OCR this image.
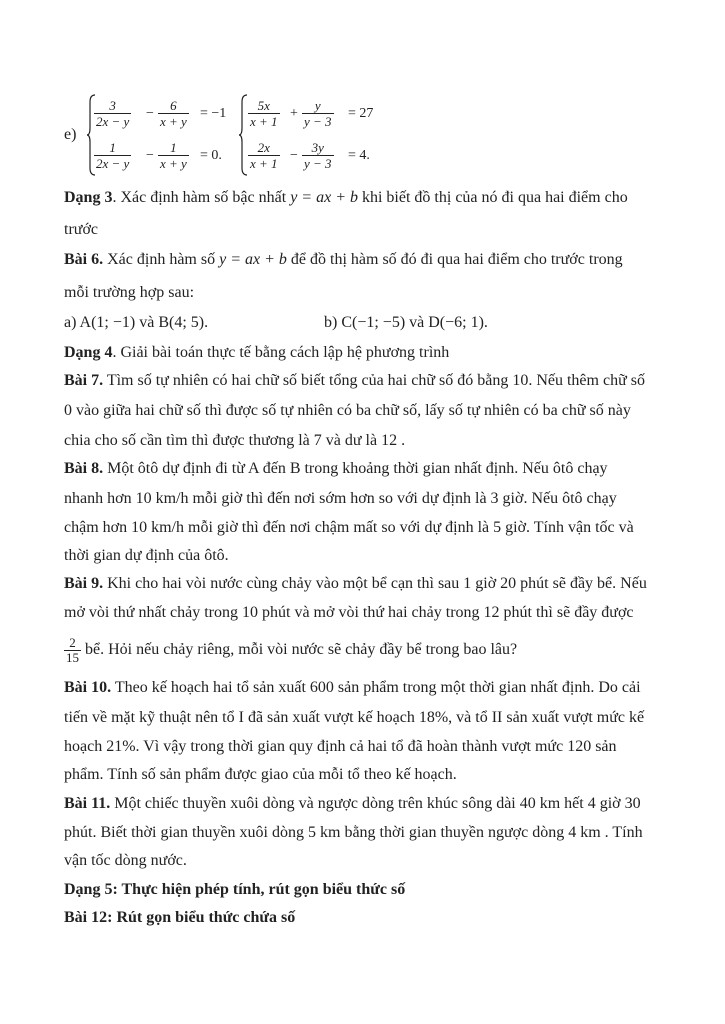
e)
$\frac{3}{2x - y} - \frac{6}{x + y} = -1$
$\frac{1}{2x - y} - \frac{1}{x + y} = 0$.
$\frac{5x}{x + 1} + \frac{y}{y - 3} = 27$
$\frac{2x}{x + 1} - \frac{3y}{y - 3} = 4$.
Dạng 3. Xác định hàm số bậc nhất y = ax + b khi biết đồ thị của nó đi qua hai điểm cho
trước
Bài 6. Xác định hàm số y = ax + b để đồ thị hàm số đó đi qua hai điểm cho trước trong
mỗi trường hợp sau:
a) A(1; −1) và B(4; 5).	b) C(−1; −5) và D(−6; 1).
Dạng 4. Giải bài toán thực tế bằng cách lập hệ phương trình
Bài 7. Tìm số tự nhiên có hai chữ số biết tổng của hai chữ số đó bằng 10. Nếu thêm chữ số
0 vào giữa hai chữ số thì được số tự nhiên có ba chữ số, lấy số tự nhiên có ba chữ số này
chia cho số cần tìm thì được thương là 7 và dư là 12 .
Bài 8. Một ôtô dự định đi từ A đến B trong khoảng thời gian nhất định. Nếu ôtô chạy
nhanh hơn 10 km/h mỗi giờ thì đến nơi sớm hơn so với dự định là 3 giờ. Nếu ôtô chạy
chậm hơn 10 km/h mỗi giờ thì đến nơi chậm mất so với dự định là 5 giờ. Tính vận tốc và
thời gian dự định của ôtô.
Bài 9. Khi cho hai vòi nước cùng chảy vào một bể cạn thì sau 1 giờ 20 phút sẽ đầy bể. Nếu
mở vòi thứ nhất chảy trong 10 phút và mở vòi thứ hai chảy trong 12 phút thì sẽ đầy được
$\frac{2}{15}$ bể. Hỏi nếu chảy riêng, mỗi vòi nước sẽ chảy đầy bể trong bao lâu?
Bài 10. Theo kế hoạch hai tổ sản xuất 600 sản phẩm trong một thời gian nhất định. Do cải
tiến về mặt kỹ thuật nên tổ I đã sản xuất vượt kế hoạch 18%, và tổ II sản xuất vượt mức kế
hoạch 21%. Vì vậy trong thời gian quy định cả hai tổ đã hoàn thành vượt mức 120 sản
phẩm. Tính số sản phẩm được giao của mỗi tổ theo kế hoạch.
Bài 11. Một chiếc thuyền xuôi dòng và ngược dòng trên khúc sông dài 40 km hết 4 giờ 30
phút. Biết thời gian thuyền xuôi dòng 5 km bằng thời gian thuyền ngược dòng 4 km . Tính
vận tốc dòng nước.
Dạng 5: Thực hiện phép tính, rút gọn biểu thức số
Bài 12: Rút gọn biểu thức chứa số
